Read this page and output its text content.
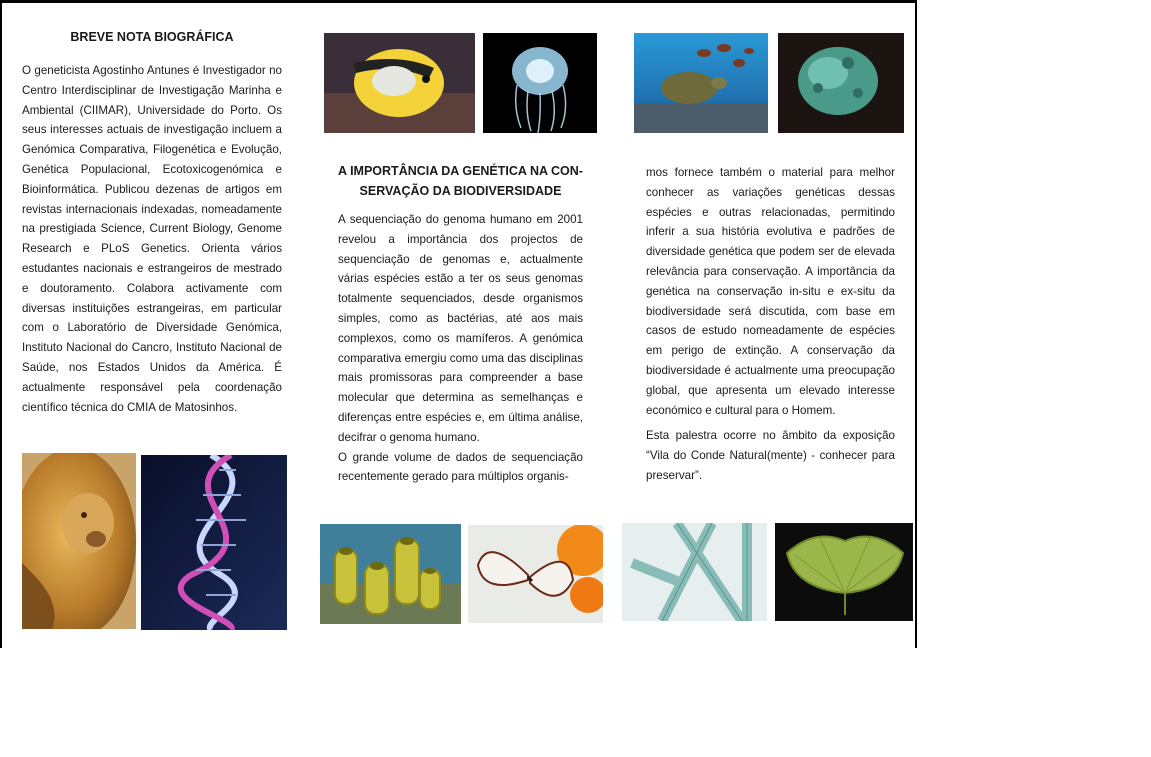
BREVE NOTA BIOGRÁFICA

O geneticista Agostinho Antunes é Investigador no Centro Interdisciplinar de Investigação Marinha e Ambiental (CIIMAR), Universidade do Porto. Os seus interesses actuais de investigação incluem a Genómica Comparativa, Filogenética e Evolução, Genética Populacional, Ecotoxicogenómica e Bioinformática. Publicou dezenas de artigos em revistas internacionais indexadas, nomeadamente na prestigiada Science, Current Biology, Genome Research e PLoS Genetics. Orienta vários estudantes nacionais e estrangeiros de mestrado e doutoramento. Colabora activamente com diversas instituições estrangeiras, em particular com o Laboratório de Diversidade Genómica, Instituto Nacional do Cancro, Instituto Nacional de Saúde, nos Estados Unidos da América. É actualmente responsável pela coordenação científico técnica do CMIA de Matosinhos.

A IMPORTÂNCIA DA GENÉTICA NA CON-
SERVAÇÃO DA BIODIVERSIDADE

A sequenciação do genoma humano em 2001 revelou a importância dos projectos de sequenciação de genomas e, actualmente várias espécies estão a ter os seus genomas totalmente sequenciados, desde organismos simples, como as bactérias, até aos mais complexos, como os mamíferos. A genómica comparativa emergiu como uma das disciplinas mais promissoras para compreender a base molecular que determina as semelhanças e diferenças entre espécies e, em última análise, decifrar o genoma humano.

O grande volume de dados de sequenciação recentemente gerado para múltiplos organis-

mos fornece também o material para melhor conhecer as variações genéticas dessas espécies e outras relacionadas, permitindo inferir a sua história evolutiva e padrões de diversidade genética que podem ser de elevada relevância para conservação. A importância da genética na conservação in-situ e ex-situ da biodiversidade será discutida, com base em casos de estudo nomeadamente de espécies em perigo de extinção. A conservação da biodiversidade é actualmente uma preocupação global, que apresenta um elevado interesse económico e cultural para o Homem.

Esta palestra ocorre no âmbito da exposição “Vila do Conde Natural(mente) - conhecer para preservar”.
